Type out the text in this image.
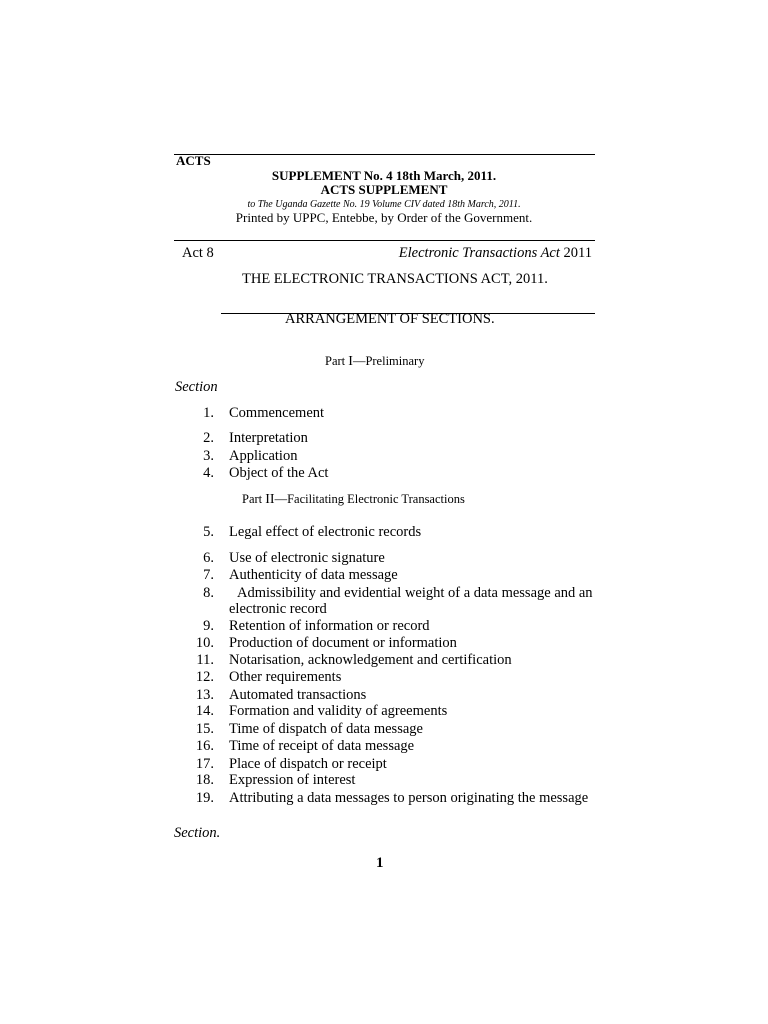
ACTS
SUPPLEMENT No. 4 18th March, 2011.
ACTS SUPPLEMENT
to The Uganda Gazette No. 19 Volume CIV dated 18th March, 2011.
Printed by UPPC, Entebbe, by Order of the Government.
Act 8	Electronic Transactions Act 2011
THE ELECTRONIC TRANSACTIONS ACT, 2011.
ARRANGEMENT OF SECTIONS.
Part I—Preliminary
Section
1. Commencement
2. Interpretation
3. Application
4. Object of the Act
Part II—Facilitating Electronic Transactions
5. Legal effect of electronic records
6. Use of electronic signature
7. Authenticity of data message
8. Admissibility and evidential weight of a data message and an
electronic record
9. Retention of information or record
10. Production of document or information
11. Notarisation, acknowledgement and certification
12. Other requirements
13. Automated transactions
14. Formation and validity of agreements
15. Time of dispatch of data message
16. Time of receipt of data message
17. Place of dispatch or receipt
18. Expression of interest
19. Attributing a data messages to person originating the message
Section.
1
